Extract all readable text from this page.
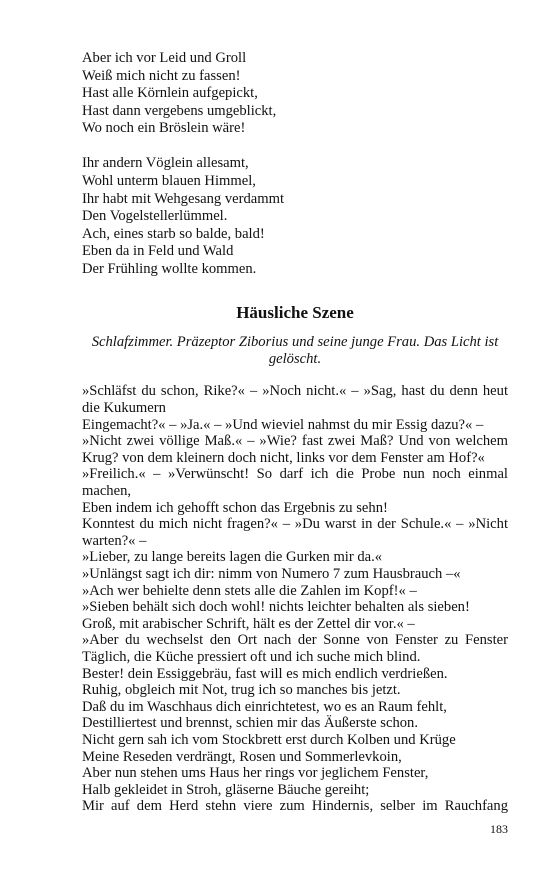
Aber ich vor Leid und Groll
Weiß mich nicht zu fassen!
Hast alle Körnlein aufgepickt,
Hast dann vergebens umgeblickt,
Wo noch ein Bröslein wäre!
Ihr andern Vöglein allesamt,
Wohl unterm blauen Himmel,
Ihr habt mit Wehgesang verdammt
Den Vogelstellerlümmel.
Ach, eines starb so balde, bald!
Eben da in Feld und Wald
Der Frühling wollte kommen.
Häusliche Szene

Schlafzimmer. Präzeptor Ziborius und seine junge Frau. Das Licht ist gelöscht.

»Schläfst du schon, Rike?« – »Noch nicht.« – »Sag, hast du denn heut die Kukumern
Eingemacht?« – »Ja.« – »Und wieviel nahmst du mir Essig dazu?« –
»Nicht zwei völlige Maß.« – »Wie? fast zwei Maß? Und von welchem Krug? von dem kleinern doch nicht, links vor dem Fenster am Hof?«
»Freilich.« – »Verwünscht! So darf ich die Probe nun noch einmal machen,
Eben indem ich gehofft schon das Ergebnis zu sehn!
Konntest du mich nicht fragen?« – »Du warst in der Schule.« – »Nicht warten?« –
»Lieber, zu lange bereits lagen die Gurken mir da.«
»Unlängst sagt ich dir: nimm von Numero 7 zum Hausbrauch –«
»Ach wer behielte denn stets alle die Zahlen im Kopf!« –
»Sieben behält sich doch wohl! nichts leichter behalten als sieben!
Groß, mit arabischer Schrift, hält es der Zettel dir vor.« –
»Aber du wechselst den Ort nach der Sonne von Fenster zu Fenster
Täglich, die Küche pressiert oft und ich suche mich blind.
Bester! dein Essiggebräu, fast will es mich endlich verdrießen.
Ruhig, obgleich mit Not, trug ich so manches bis jetzt.
Daß du im Waschhaus dich einrichtetest, wo es an Raum fehlt,
Destilliertest und brennst, schien mir das Äußerste schon.
Nicht gern sah ich vom Stockbrett erst durch Kolben und Krüge
Meine Reseden verdrängt, Rosen und Sommerlevkoin,
Aber nun stehen ums Haus her rings vor jeglichem Fenster,
Halb gekleidet in Stroh, gläserne Bäuche gereiht;
Mir auf dem Herd stehn viere zum Hindernis, selber im Rauchfang
183
